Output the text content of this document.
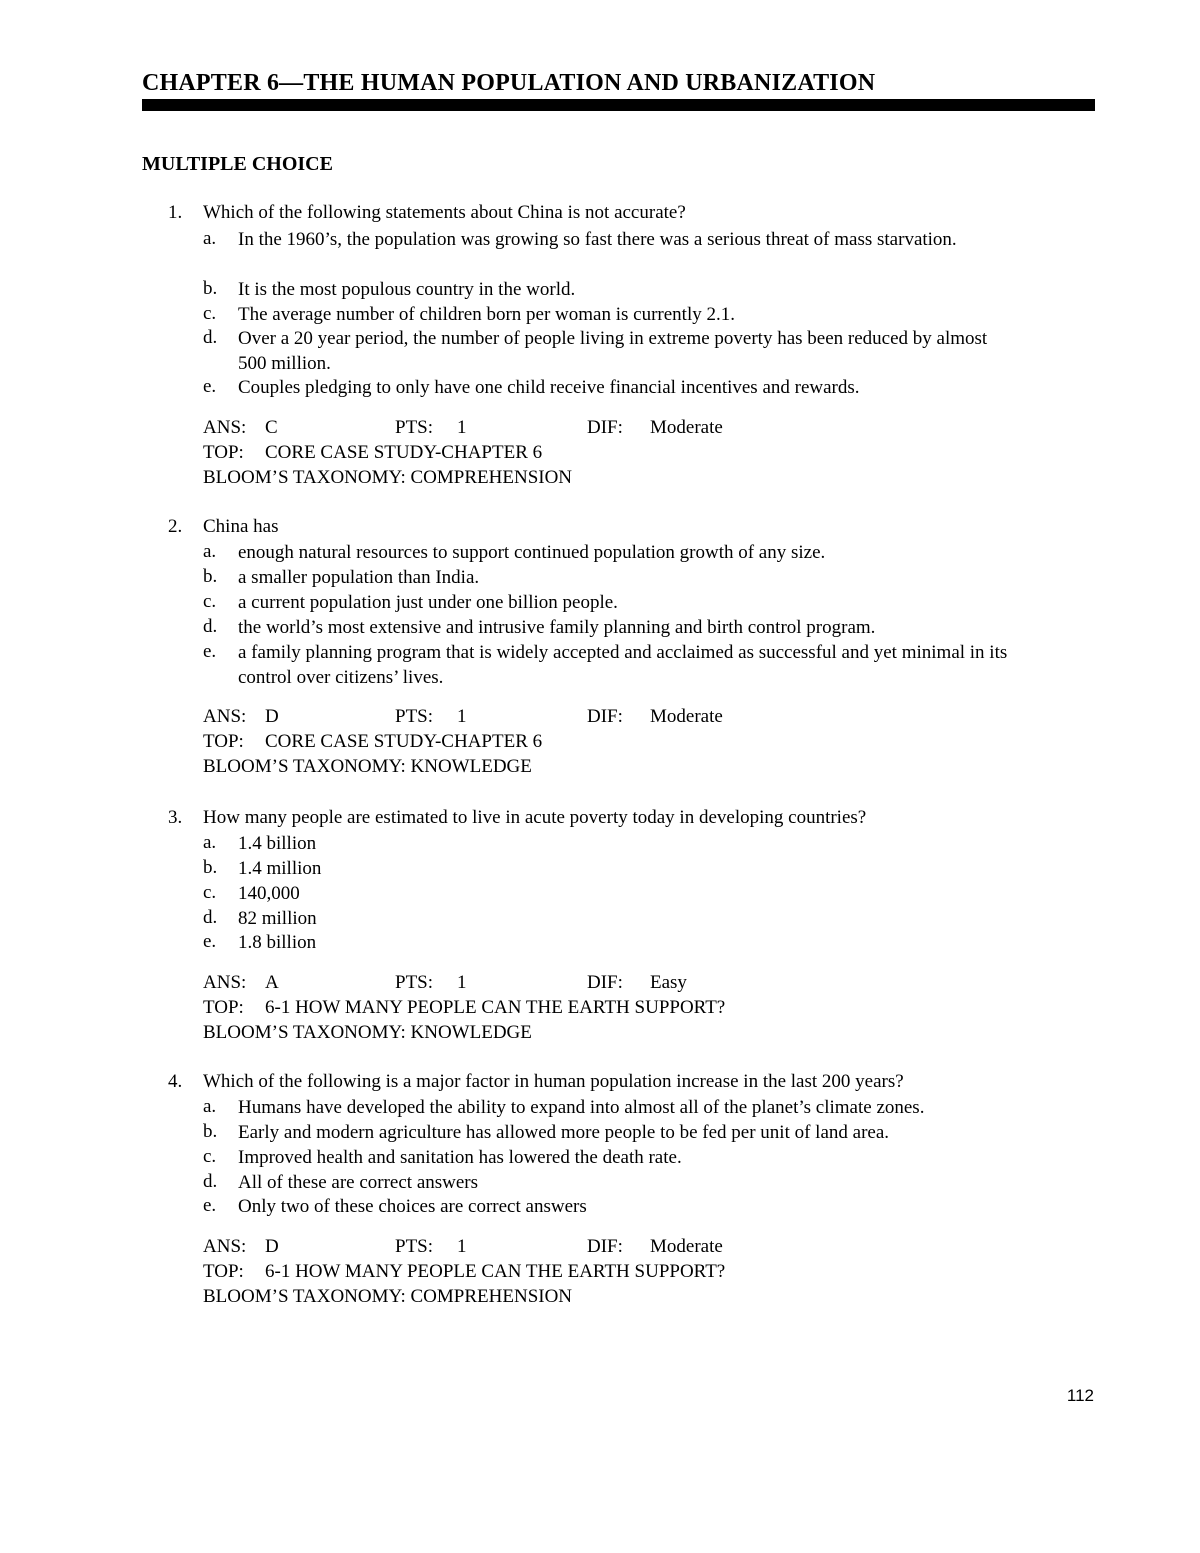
CHAPTER 6—THE HUMAN POPULATION AND URBANIZATION
MULTIPLE CHOICE
1. Which of the following statements about China is not accurate?
a. In the 1960’s, the population was growing so fast there was a serious threat of mass starvation.
b. It is the most populous country in the world.
c. The average number of children born per woman is currently 2.1.
d. Over a 20 year period, the number of people living in extreme poverty has been reduced by almost 500 million.
e. Couples pledging to only have one child receive financial incentives and rewards.
ANS: C	PTS: 1	DIF: Moderate
TOP: CORE CASE STUDY-CHAPTER 6
BLOOM’S TAXONOMY: COMPREHENSION
2. China has
a. enough natural resources to support continued population growth of any size.
b. a smaller population than India.
c. a current population just under one billion people.
d. the world’s most extensive and intrusive family planning and birth control program.
e. a family planning program that is widely accepted and acclaimed as successful and yet minimal in its control over citizens’ lives.
ANS: D	PTS: 1	DIF: Moderate
TOP: CORE CASE STUDY-CHAPTER 6
BLOOM’S TAXONOMY: KNOWLEDGE
3. How many people are estimated to live in acute poverty today in developing countries?
a. 1.4 billion
b. 1.4 million
c. 140,000
d. 82 million
e. 1.8 billion
ANS: A	PTS: 1	DIF: Easy
TOP: 6-1 HOW MANY PEOPLE CAN THE EARTH SUPPORT?
BLOOM’S TAXONOMY: KNOWLEDGE
4. Which of the following is a major factor in human population increase in the last 200 years?
a. Humans have developed the ability to expand into almost all of the planet’s climate zones.
b. Early and modern agriculture has allowed more people to be fed per unit of land area.
c. Improved health and sanitation has lowered the death rate.
d. All of these are correct answers
e. Only two of these choices are correct answers
ANS: D	PTS: 1	DIF: Moderate
TOP: 6-1 HOW MANY PEOPLE CAN THE EARTH SUPPORT?
BLOOM’S TAXONOMY: COMPREHENSION
112
